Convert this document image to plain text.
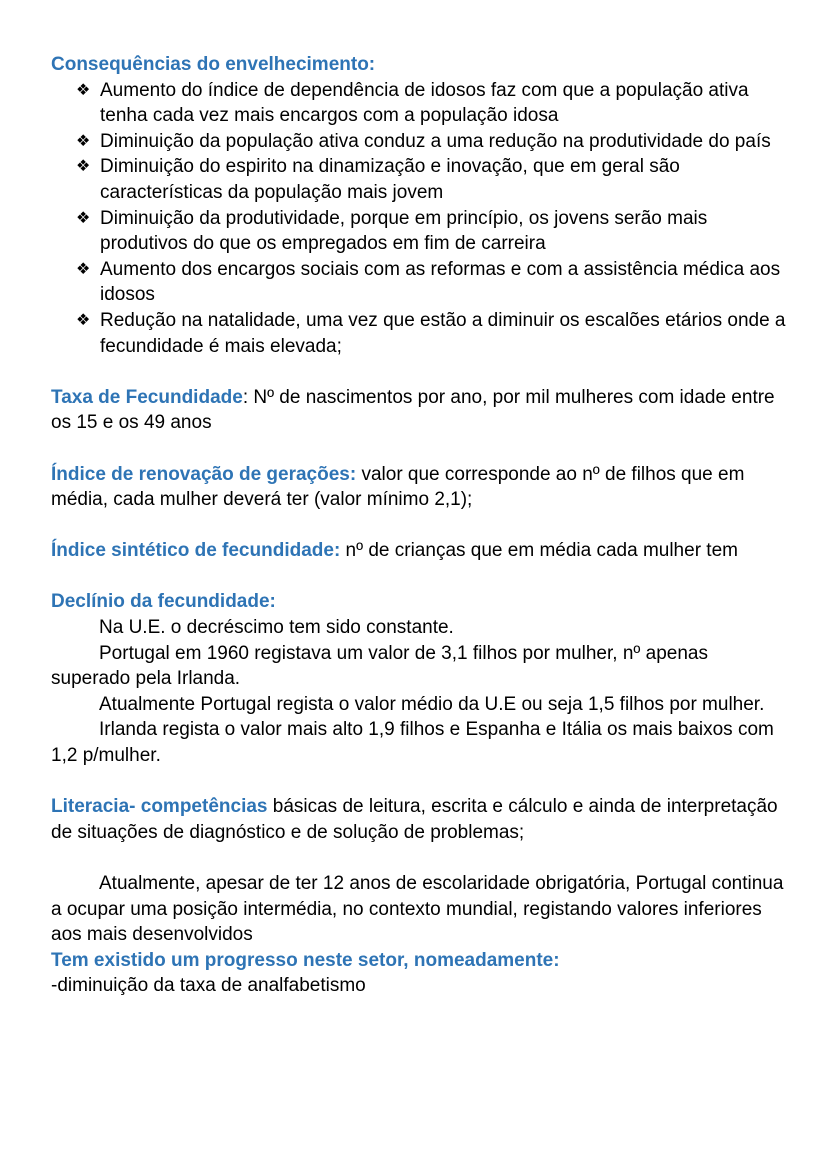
Consequências do envelhecimento:
❖ Aumento do índice de dependência de idosos faz com que a população ativa tenha cada vez mais encargos com a população idosa
❖ Diminuição da população ativa conduz a uma redução na produtividade do país
❖ Diminuição do espirito na dinamização e inovação, que em geral são características da população mais jovem
❖ Diminuição da produtividade, porque em princípio, os jovens serão mais produtivos do que os empregados em fim de carreira
❖ Aumento dos encargos sociais com as reformas e com a assistência médica aos idosos
❖ Redução na natalidade, uma vez que estão a diminuir os escalões etários onde a fecundidade é mais elevada;

Taxa de Fecundidade: Nº de nascimentos por ano, por mil mulheres com idade entre os 15 e os 49 anos

Índice de renovação de gerações: valor que corresponde ao nº de filhos que em média, cada mulher deverá ter (valor mínimo 2,1);

Índice sintético de fecundidade: nº de crianças que em média cada mulher tem

Declínio da fecundidade:

Na U.E. o decréscimo tem sido constante.

Portugal em 1960 registava um valor de 3,1 filhos por mulher, nº apenas superado pela Irlanda.

Atualmente Portugal regista o valor médio da U.E ou seja 1,5 filhos por mulher.

Irlanda regista o valor mais alto 1,9 filhos e Espanha e Itália os mais baixos com 1,2 p/mulher.

Literacia- competências básicas de leitura, escrita e cálculo e ainda de interpretação de situações de diagnóstico e de solução de problemas;

Atualmente, apesar de ter 12 anos de escolaridade obrigatória, Portugal continua a ocupar uma posição intermédia, no contexto mundial, registando valores inferiores aos mais desenvolvidos

Tem existido um progresso neste setor, nomeadamente:

-diminuição da taxa de analfabetismo
